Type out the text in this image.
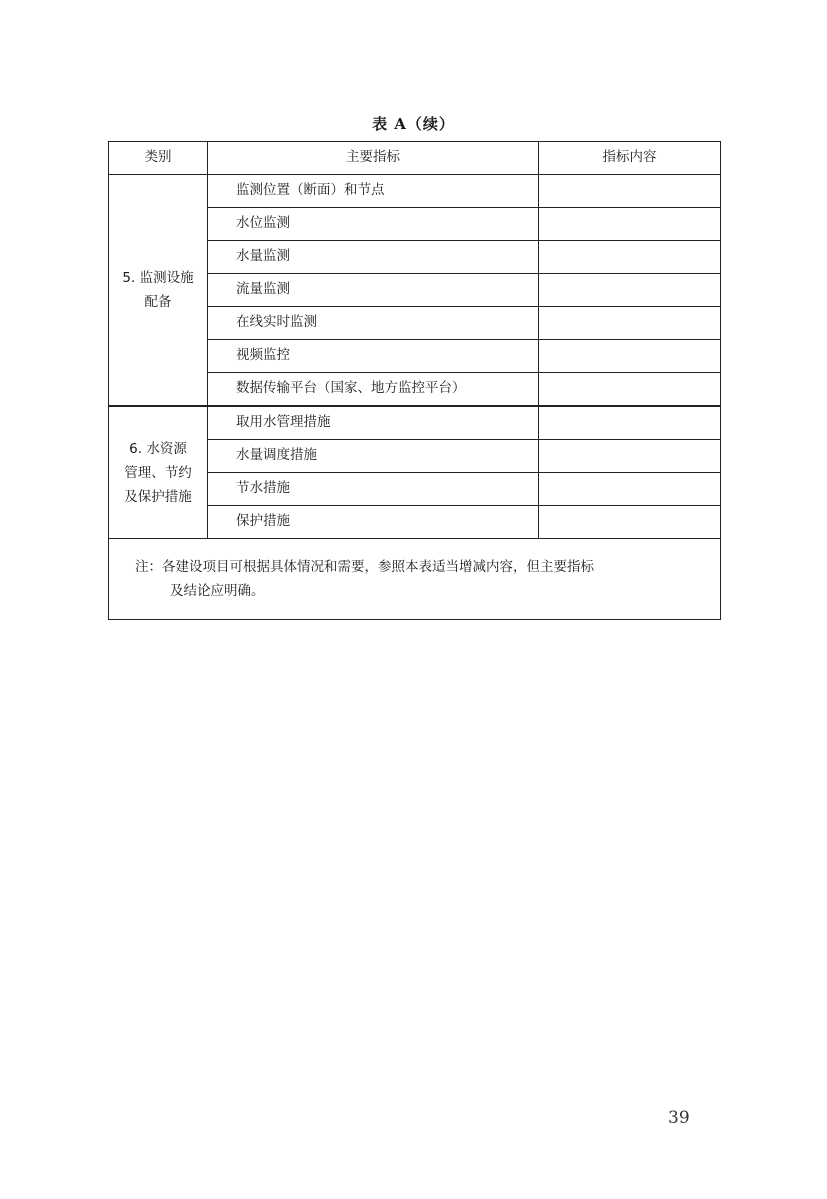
表 A（续）
类别	主要指标	指标内容
5. 监测设施
配备	监测位置（断面）和节点	
	水位监测	
	水量监测	
	流量监测	
	在线实时监测	
	视频监控	
	数据传输平台（国家、地方监控平台）	
6. 水资源
管理、节约
及保护措施	取用水管理措施	
	水量调度措施	
	节水措施	
	保护措施	
注：各建设项目可根据具体情况和需要，参照本表适当增减内容，但主要指标
及结论应明确。		
39
